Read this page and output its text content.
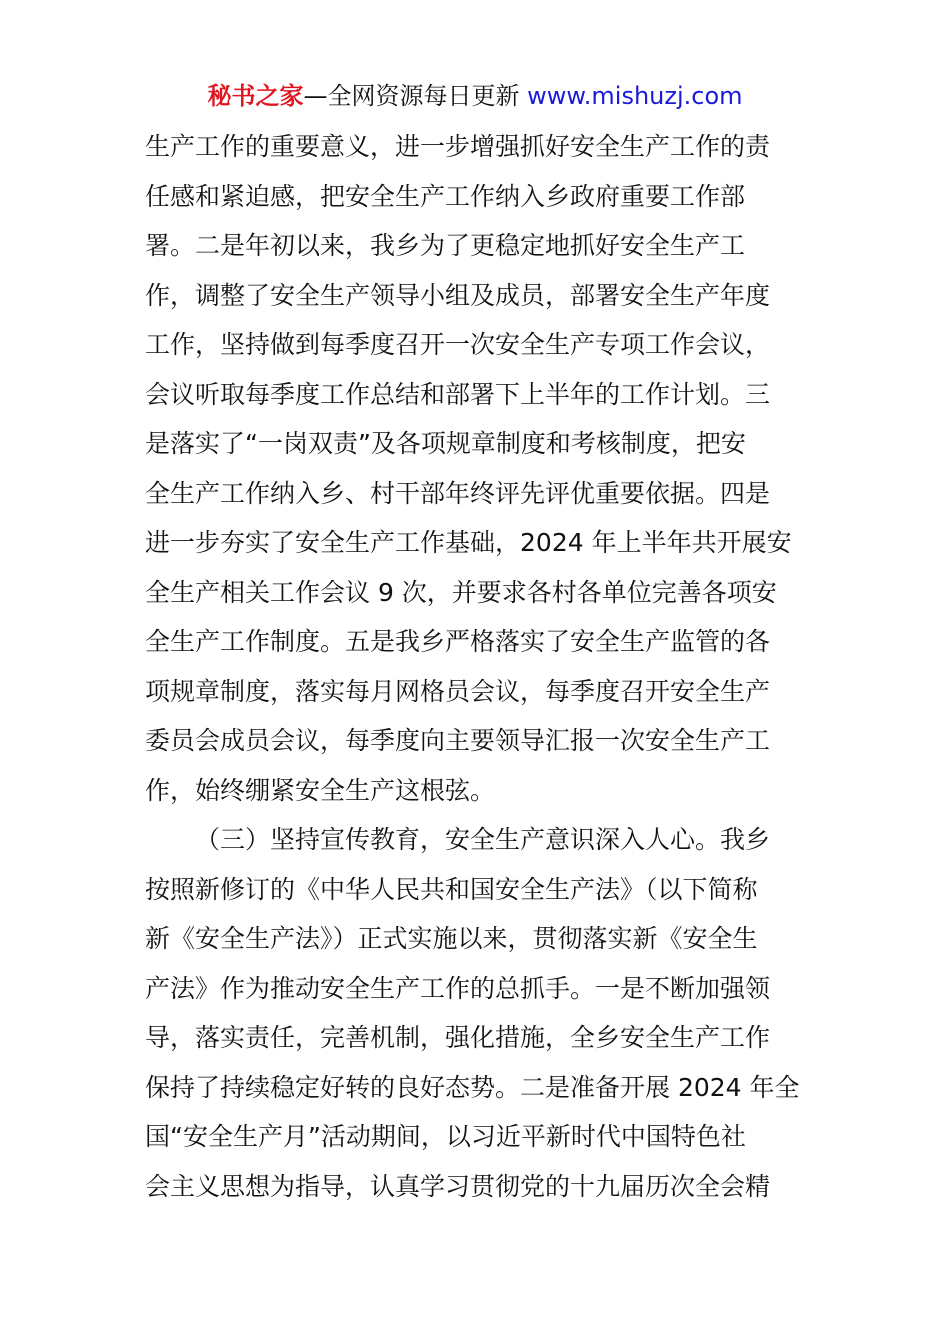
秘书之家—全网资源每日更新 www.mishuzj.com
生产工作的重要意义，进一步增强抓好安全生产工作的责
任感和紧迫感，把安全生产工作纳入乡政府重要工作部
署。二是年初以来，我乡为了更稳定地抓好安全生产工
作，调整了安全生产领导小组及成员，部署安全生产年度
工作，坚持做到每季度召开一次安全生产专项工作会议，
会议听取每季度工作总结和部署下上半年的工作计划。三
是落实了“一岗双责”及各项规章制度和考核制度，把安
全生产工作纳入乡、村干部年终评先评优重要依据。四是
进一步夯实了安全生产工作基础，2024 年上半年共开展安
全生产相关工作会议 9 次，并要求各村各单位完善各项安
全生产工作制度。五是我乡严格落实了安全生产监管的各
项规章制度，落实每月网格员会议，每季度召开安全生产
委员会成员会议，每季度向主要领导汇报一次安全生产工
作，始终绷紧安全生产这根弦。
（三）坚持宣传教育，安全生产意识深入人心。我乡
按照新修订的《中华人民共和国安全生产法》（以下简称
新《安全生产法》）正式实施以来，贯彻落实新《安全生
产法》作为推动安全生产工作的总抓手。一是不断加强领
导，落实责任，完善机制，强化措施，全乡安全生产工作
保持了持续稳定好转的良好态势。二是准备开展 2024 年全
国“安全生产月”活动期间，以习近平新时代中国特色社
会主义思想为指导，认真学习贯彻党的十九届历次全会精
